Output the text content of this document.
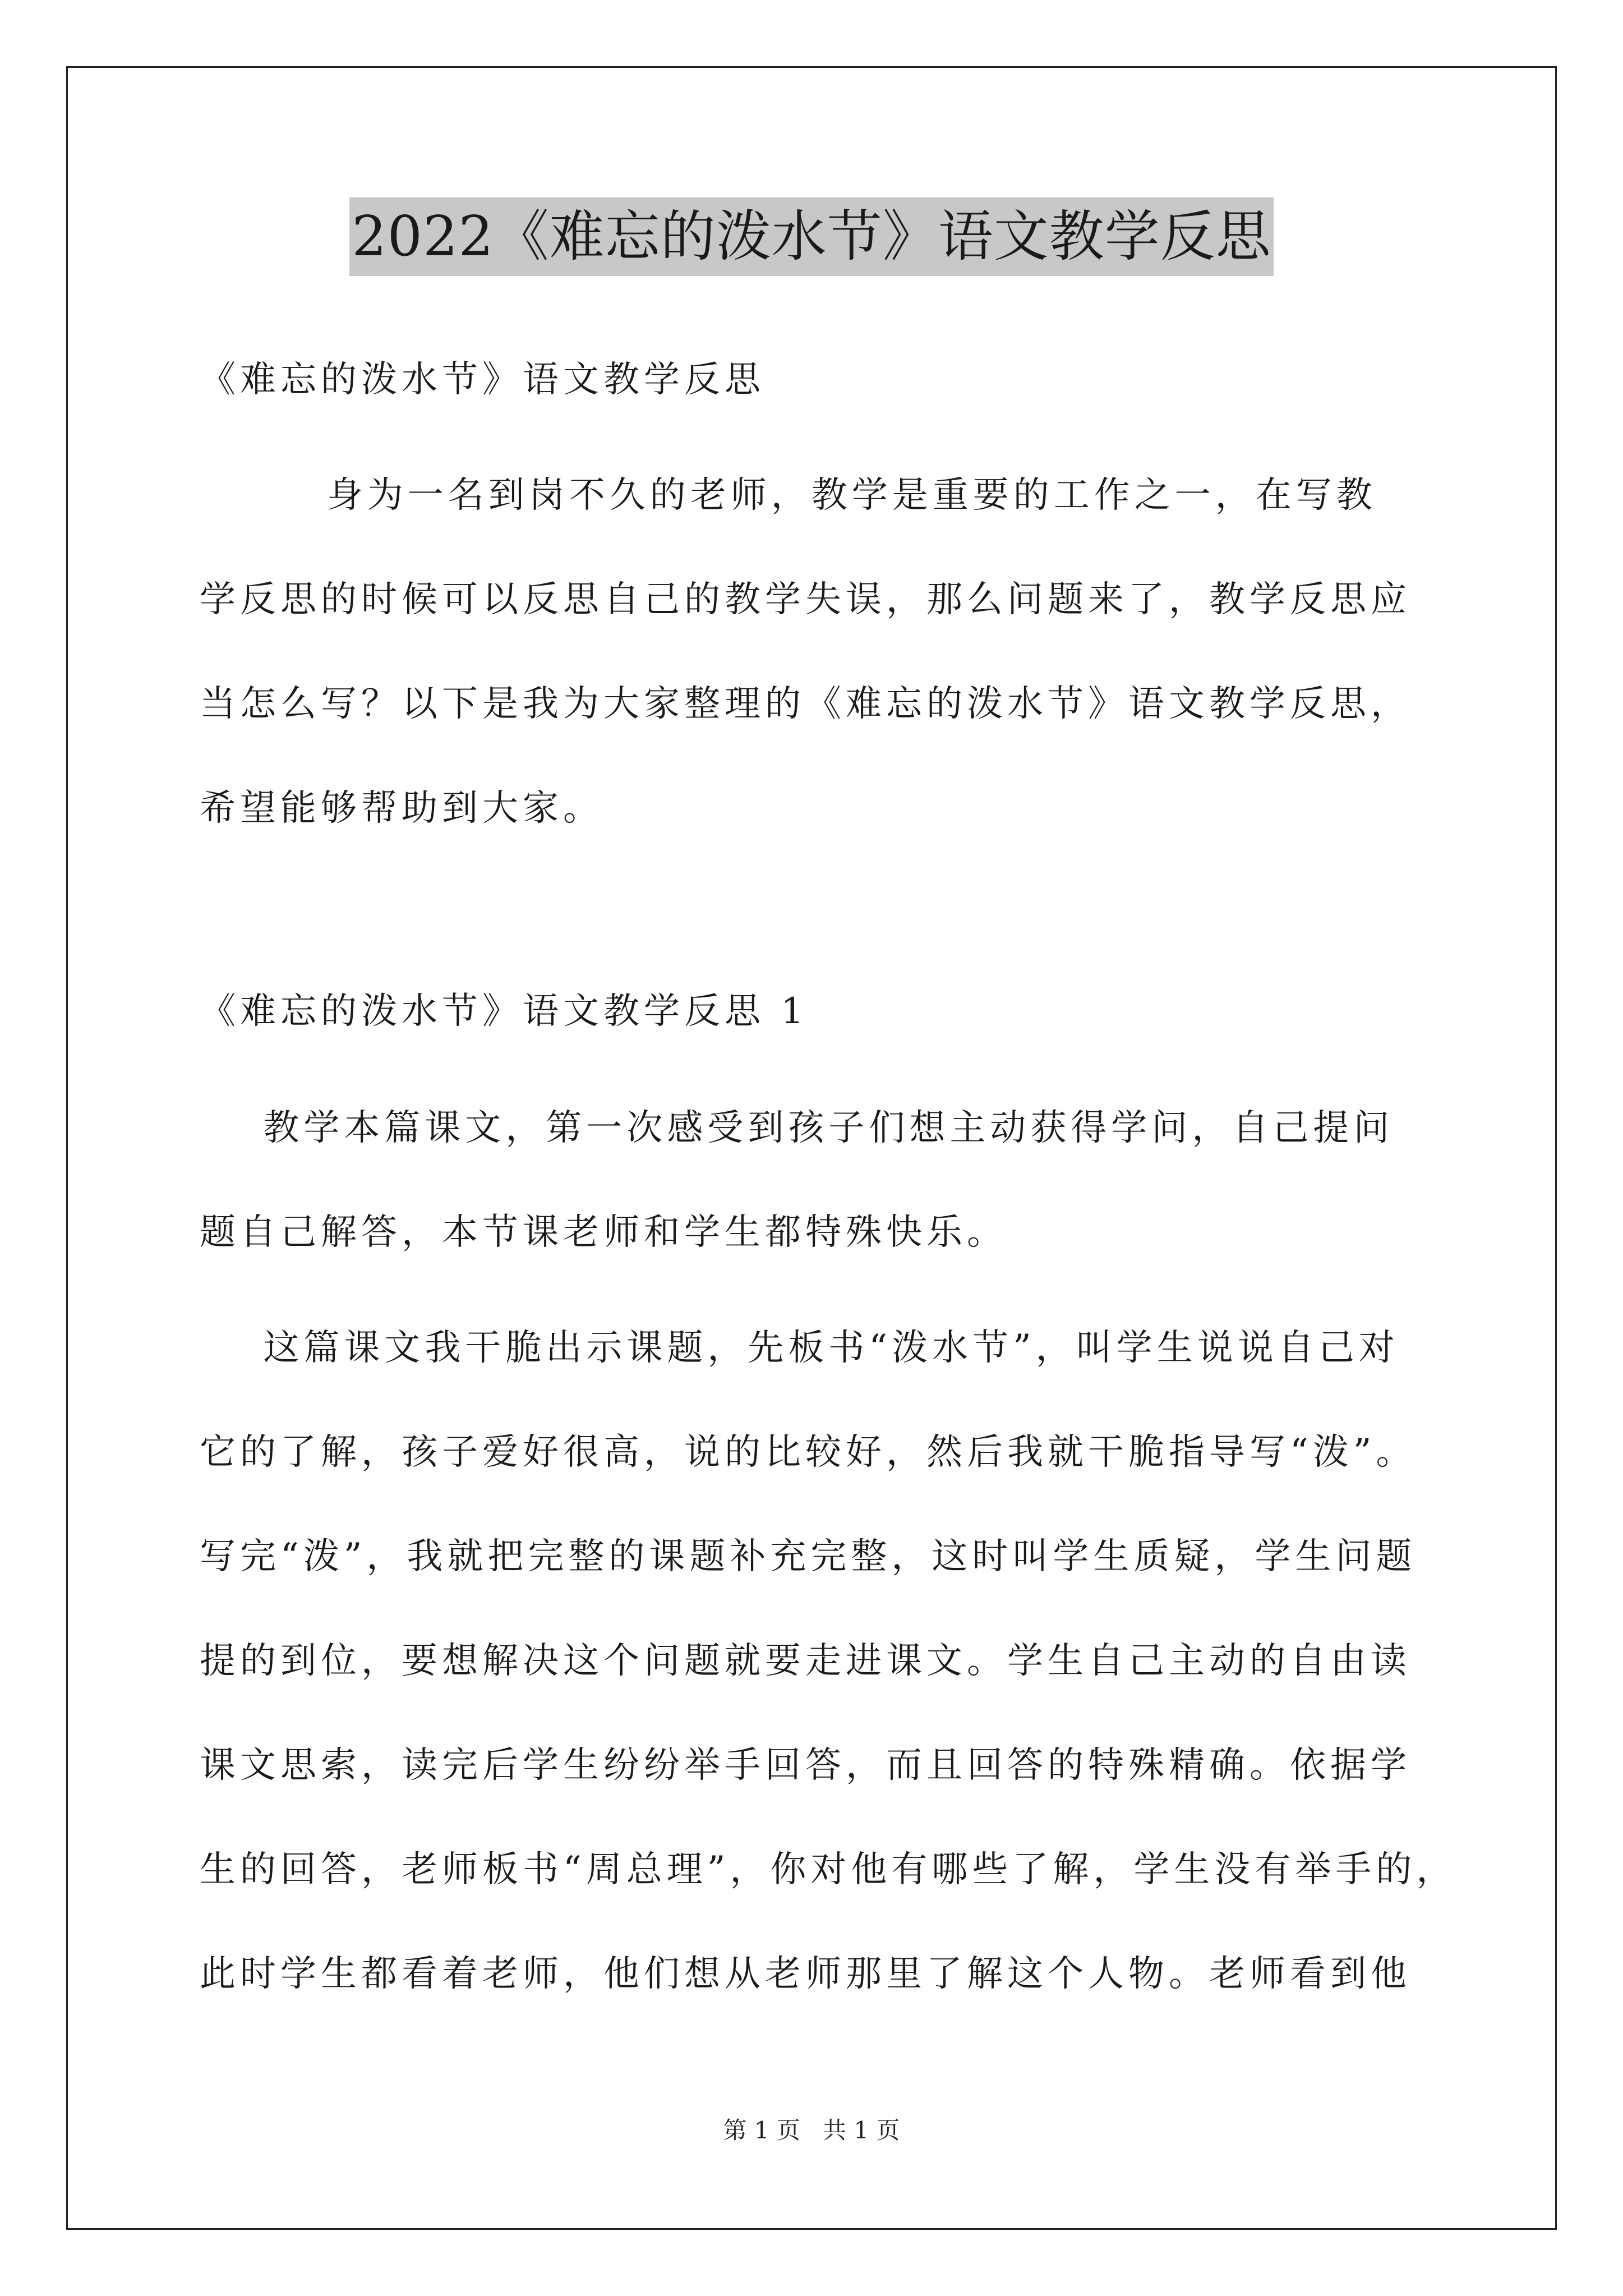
2022《难忘的泼水节》语文教学反思
《难忘的泼水节》语文教学反思
身为一名到岗不久的老师，教学是重要的工作之一，在写教
学反思的时候可以反思自己的教学失误，那么问题来了，教学反思应
当怎么写？以下是我为大家整理的《难忘的泼水节》语文教学反思，
希望能够帮助到大家。
《难忘的泼水节》语文教学反思 1
教学本篇课文，第一次感受到孩子们想主动获得学问，自己提问
题自己解答，本节课老师和学生都特殊快乐。
这篇课文我干脆出示课题，先板书“泼水节”，叫学生说说自己对
它的了解，孩子爱好很高，说的比较好，然后我就干脆指导写“泼”。
写完“泼”，我就把完整的课题补充完整，这时叫学生质疑，学生问题
提的到位，要想解决这个问题就要走进课文。学生自己主动的自由读
课文思索，读完后学生纷纷举手回答，而且回答的特殊精确。依据学
生的回答，老师板书“周总理”，你对他有哪些了解，学生没有举手的，
此时学生都看着老师，他们想从老师那里了解这个人物。老师看到他
第 1 页   共 1 页
